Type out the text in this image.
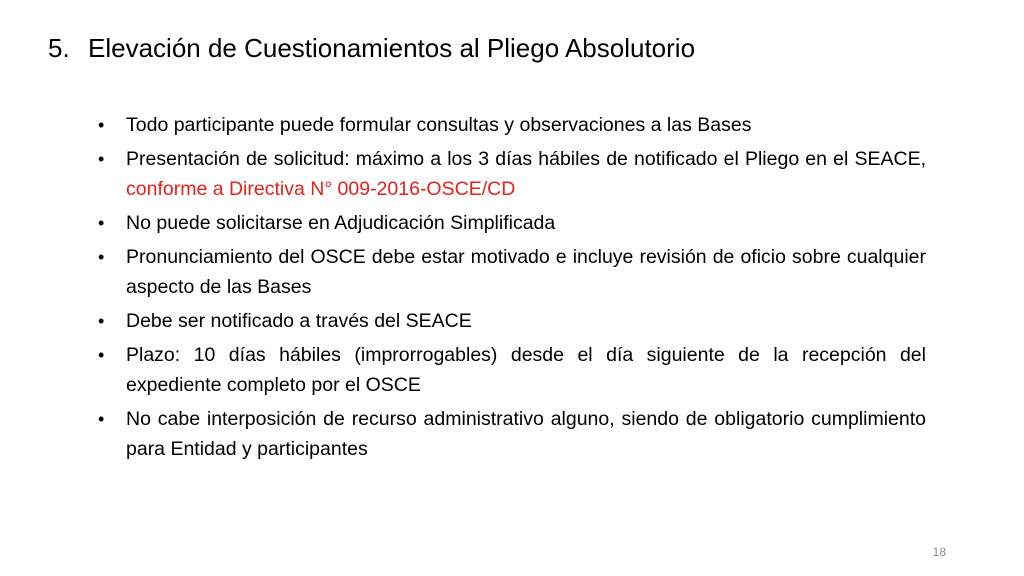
5. Elevación de Cuestionamientos al Pliego Absolutorio
• Todo participante puede formular consultas y observaciones a las Bases
• Presentación de solicitud: máximo a los 3 días hábiles de notificado el Pliego en el SEACE, conforme a Directiva N° 009-2016-OSCE/CD
• No puede solicitarse en Adjudicación Simplificada
• Pronunciamiento del OSCE debe estar motivado e incluye revisión de oficio sobre cualquier aspecto de las Bases
• Debe ser notificado a través del SEACE
• Plazo: 10 días hábiles (improrrogables) desde el día siguiente de la recepción del expediente completo por el OSCE
• No cabe interposición de recurso administrativo alguno, siendo de obligatorio cumplimiento para Entidad y participantes
18
